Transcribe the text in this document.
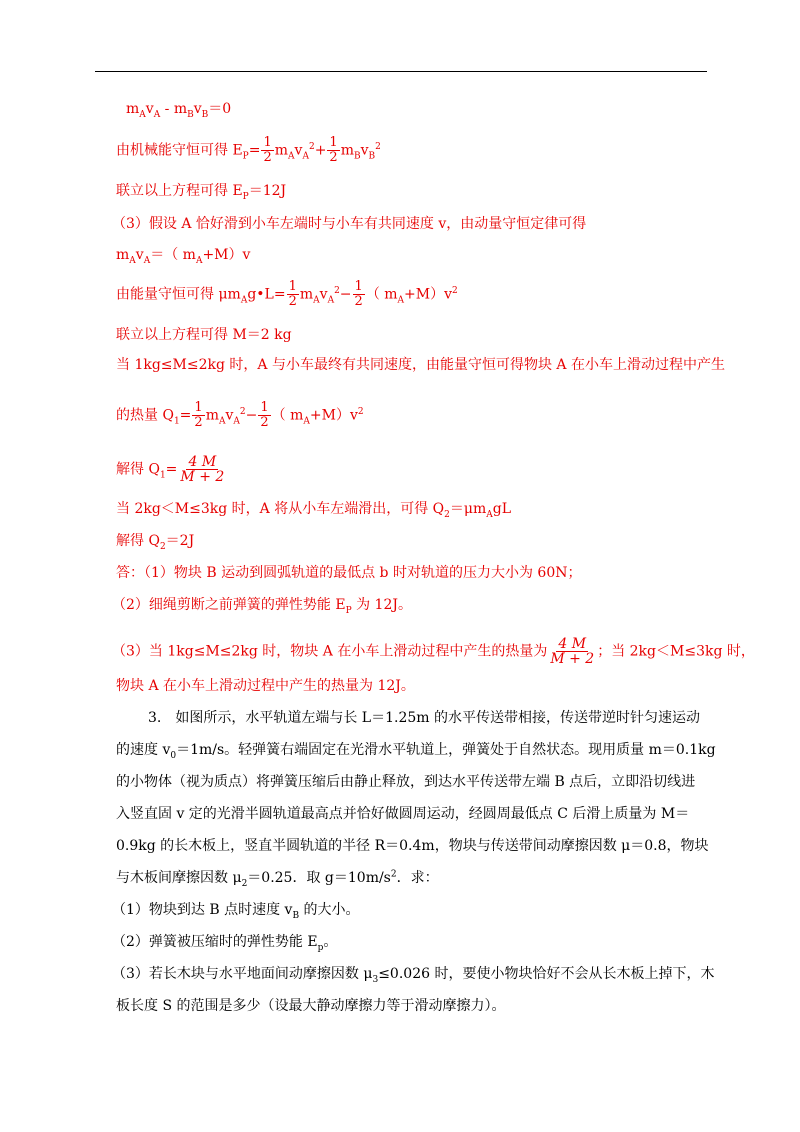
$m_Av_A - m_Bv_B=0$
由机械能守恒可得 $E_P= \frac{1}{2} m_Av_A^2+ \frac{1}{2} m_Bv_B^2$
联立以上方程可得 $E_P=12J$
（3）假设 A 恰好滑到小车左端时与小车有共同速度 v，由动量守恒定律可得
$m_Av_A=$（ $m_A+M)v$
由能量守恒可得 $\mu m_Ag•L= \frac{1}{2} m_Av_A^2- \frac{1}{2}$ （ $m_A+M)v^2$
联立以上方程可得 M＝2 kg
当 1kg≤M≤2kg 时，A 与小车最终有共同速度，由能量守恒可得物块 A 在小车上滑动过程中产生
的热量 $Q_1= \frac{1}{2} m_Av_A^2- \frac{1}{2}$ （ $m_A+M)v^2$
解得 $Q_1= \frac{4 M}{M + 2}$
当 2kg＜M≤3kg 时，A 将从小车左端滑出，可得 $Q_2=\mu m_AgL$
解得 $Q_2=2J$
答：（1）物块 B 运动到圆弧轨道的最低点 b 时对轨道的压力大小为 60N；
（2）细绳剪断之前弹簧的弹性势能 $E_P$ 为 12J。
（3）当 1kg≤M≤2kg 时，物块 A 在小车上滑动过程中产生的热量为 $\frac{4 M}{M + 2}$ ；当 2kg＜M≤3kg 时，
物块 A 在小车上滑动过程中产生的热量为 12J。
3.　如图所示，水平轨道左端与长 L＝1.25m 的水平传送带相接，传送带逆时针匀速运动
的速度 $v_0=1m/s$。轻弹簧右端固定在光滑水平轨道上，弹簧处于自然状态。现用质量 m＝0.1kg
的小物体（视为质点）将弹簧压缩后由静止释放，到达水平传送带左端 B 点后，立即沿切线进
入竖直固 v 定的光滑半圆轨道最高点并恰好做圆周运动，经圆周最低点 C 后滑上质量为 M＝
0.9kg 的长木板上，竖直半圆轨道的半径 R＝0.4m，物块与传送带间动摩擦因数 μ＝0.8，物块
与木板间摩擦因数 $\mu_2=0.25$．取 $g=10m/s^2$．求：
（1）物块到达 B 点时速度 $v_B$ 的大小。
（2）弹簧被压缩时的弹性势能 $E_p$。
（3）若长木块与水平地面间动摩擦因数 $\mu_3\le 0.026$ 时，要使小物块恰好不会从长木板上掉下，木
板长度 S 的范围是多少（设最大静动摩擦力等于滑动摩擦力）。
